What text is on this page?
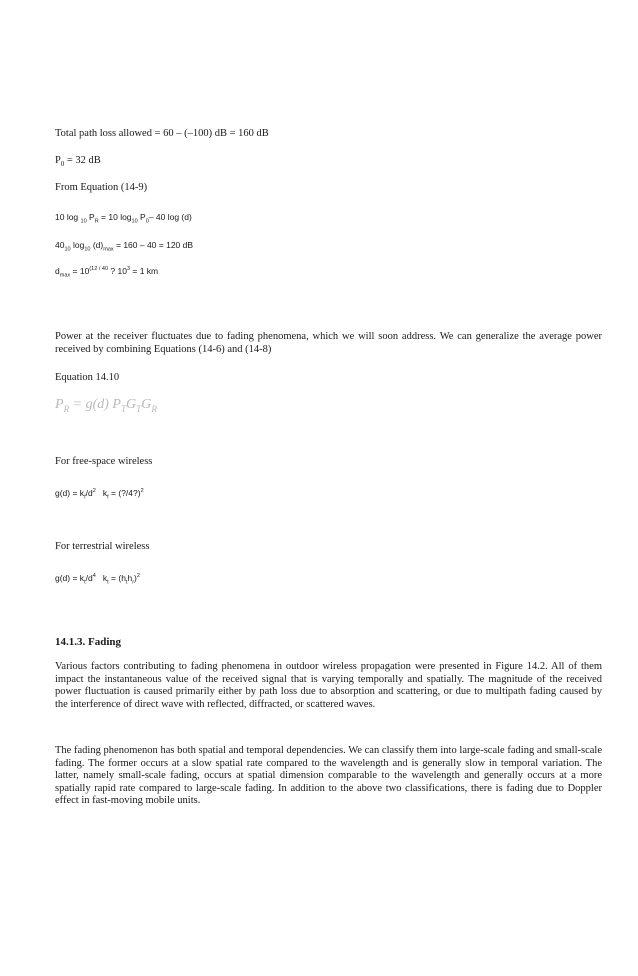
Total path loss allowed = 60 – (–100) dB = 160 dB
$P_0 = 32$ dB
From Equation (14-9)
10 log $_{10}$ $P_R = 10$ $\log_{10} P_0-$ 40 log (d)
$40_{10}$ $\log_{10} (d)_{max} = 160 - 40 = 120$ dB
$d_{max} = 10^{(12 / 40}$ ? $10^3 = 1$ km

Power at the receiver fluctuates due to fading phenomena, which we will soon address. We can generalize the average power received by combining Equations (14-6) and (14-8)

Equation 14.10
$P_R = g(d)$ $P_TG_TG_R$
For free-space wireless
$g(d) = k_f/d^2$   $k_f$ = (?/4?)$^2$
For terrestrial wireless
$g(d) = k_t/d^4$   $k_t = (h_th_r)^2$
14.1.3. Fading

Various factors contributing to fading phenomena in outdoor wireless propagation were presented in Figure 14.2. All of them impact the instantaneous value of the received signal that is varying temporally and spatially. The magnitude of the received power fluctuation is caused primarily either by path loss due to absorption and scattering, or due to multipath fading caused by the interference of direct wave with reflected, diffracted, or scattered waves.

The fading phenomenon has both spatial and temporal dependencies. We can classify them into large-scale fading and small-scale fading. The former occurs at a slow spatial rate compared to the wavelength and is generally slow in temporal variation. The latter, namely small-scale fading, occurs at spatial dimension comparable to the wavelength and generally occurs at a more spatially rapid rate compared to large-scale fading. In addition to the above two classifications, there is fading due to Doppler effect in fast-moving mobile units.
